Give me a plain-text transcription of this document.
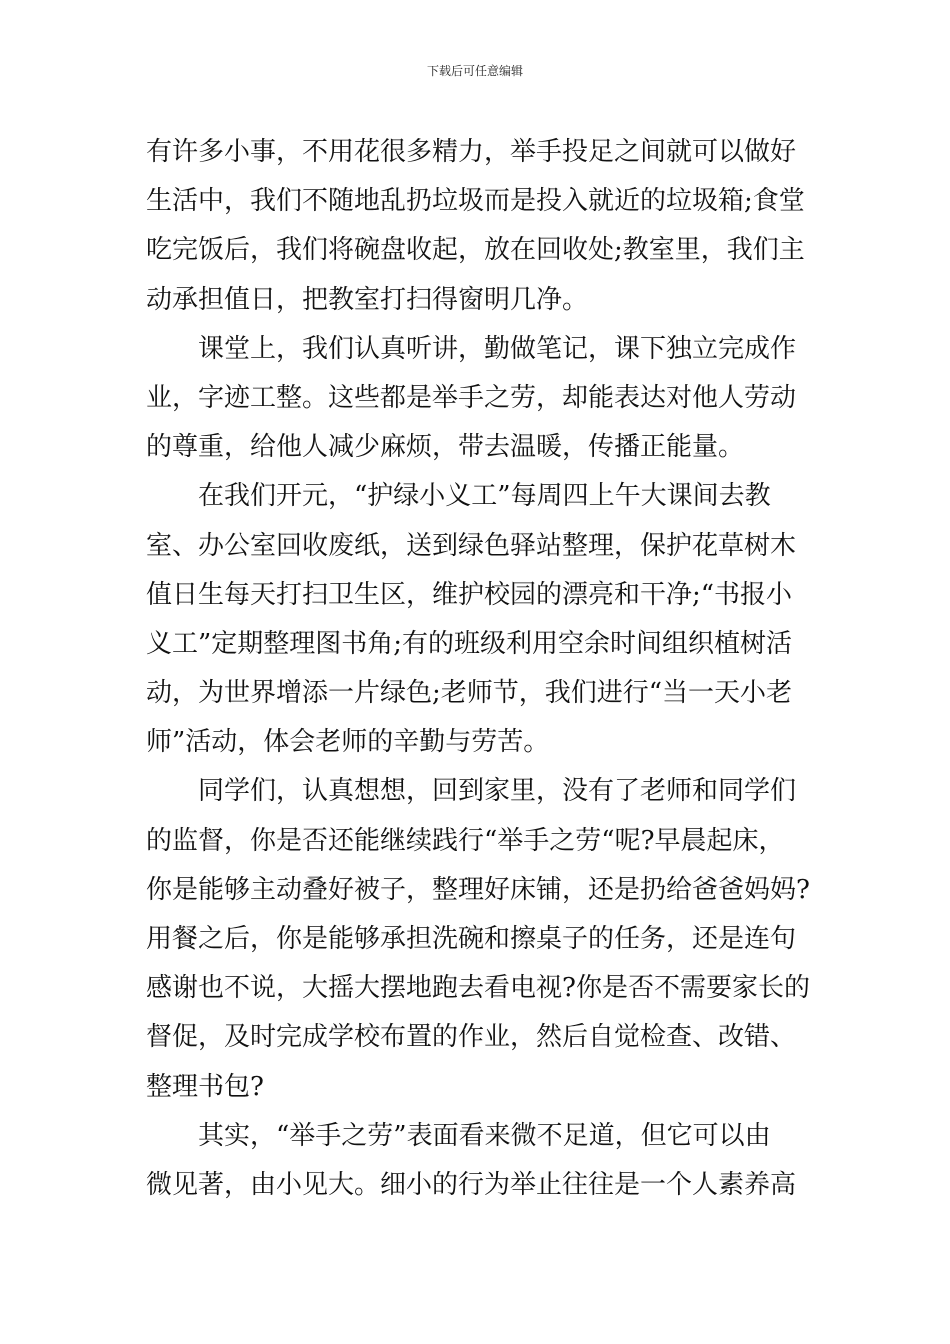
下载后可任意编辑
有许多小事，不用花很多精力，举手投足之间就可以做好
生活中，我们不随地乱扔垃圾而是投入就近的垃圾箱;食堂
吃完饭后，我们将碗盘收起，放在回收处;教室里，我们主
动承担值日，把教室打扫得窗明几净。
课堂上，我们认真听讲，勤做笔记，课下独立完成作
业，字迹工整。这些都是举手之劳，却能表达对他人劳动
的尊重，给他人减少麻烦，带去温暖，传播正能量。
在我们开元，“护绿小义工”每周四上午大课间去教
室、办公室回收废纸，送到绿色驿站整理，保护花草树木
值日生每天打扫卫生区，维护校园的漂亮和干净;“书报小
义工”定期整理图书角;有的班级利用空余时间组织植树活
动，为世界增添一片绿色;老师节，我们进行“当一天小老
师”活动，体会老师的辛勤与劳苦。
同学们，认真想想，回到家里，没有了老师和同学们
的监督，你是否还能继续践行“举手之劳“呢?早晨起床，
你是能够主动叠好被子，整理好床铺，还是扔给爸爸妈妈?
用餐之后，你是能够承担洗碗和擦桌子的任务，还是连句
感谢也不说，大摇大摆地跑去看电视?你是否不需要家长的
督促，及时完成学校布置的作业，然后自觉检查、改错、
整理书包?
其实，“举手之劳”表面看来微不足道，但它可以由
微见著，由小见大。细小的行为举止往往是一个人素养高
